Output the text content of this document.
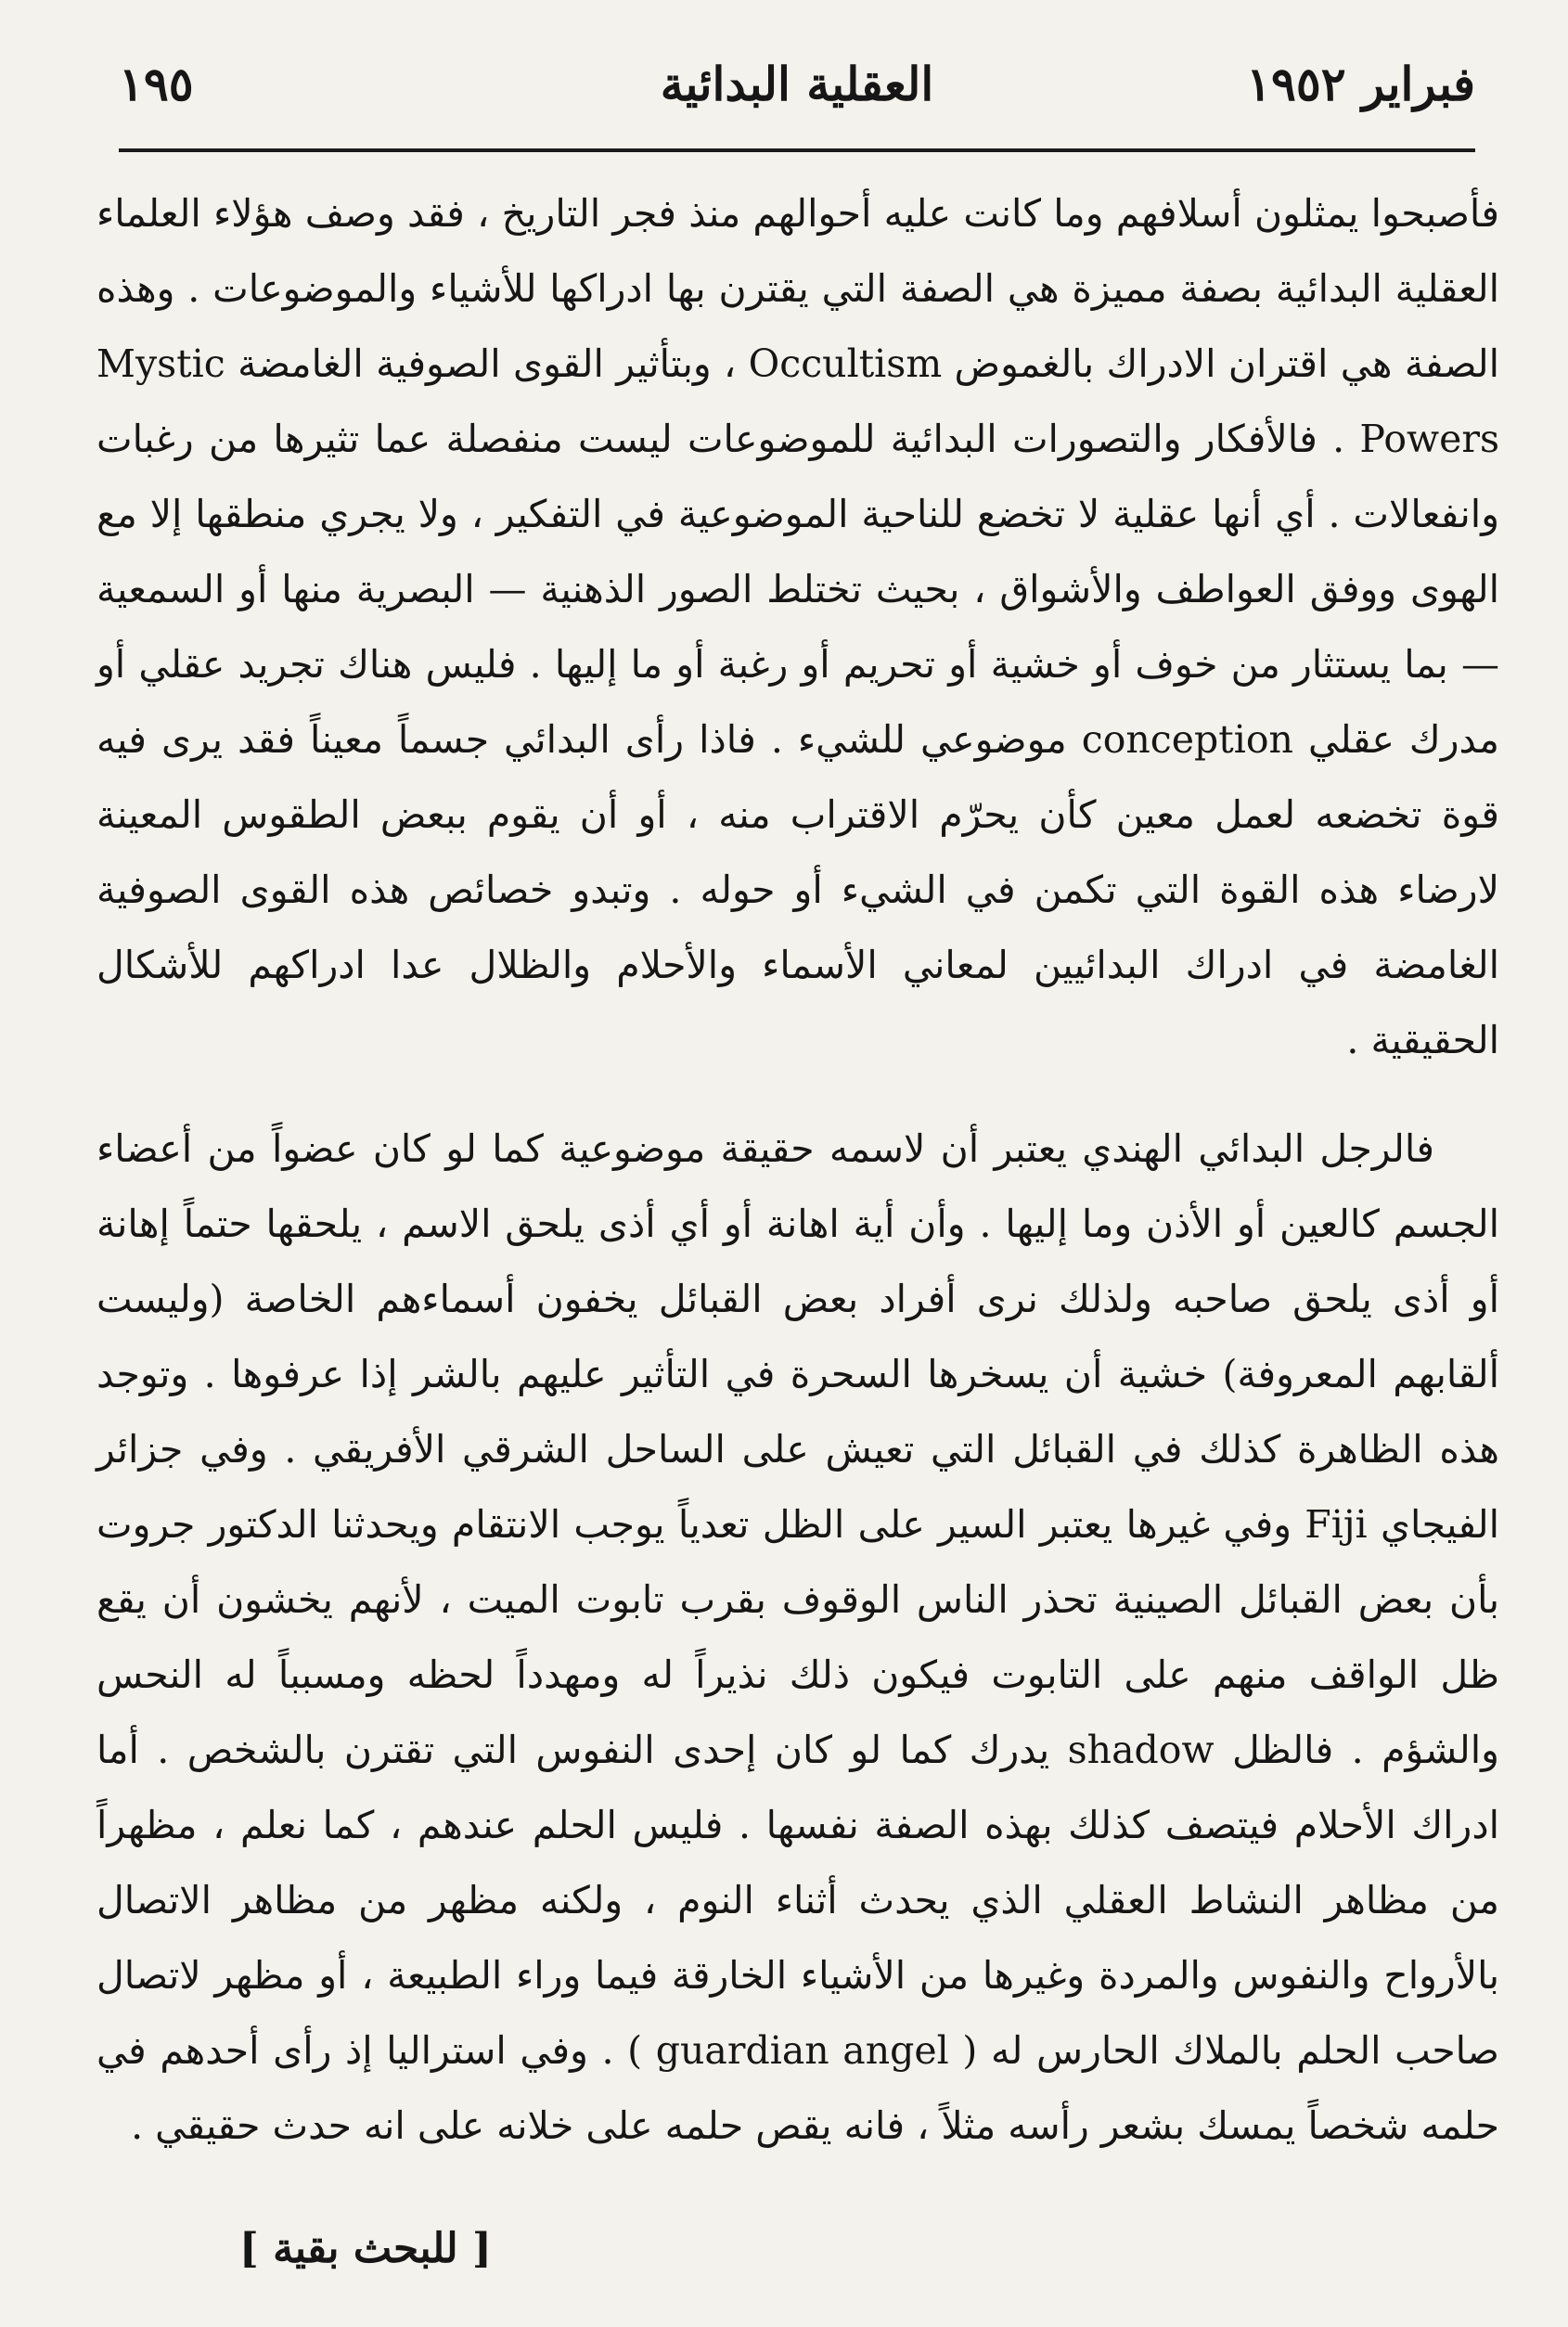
١٩٥	العقلية البدائية	فبراير ١٩٥٢

فأصبحوا يمثلون أسلافهم وما كانت عليه أحوالهم منذ فجر التاريخ ، فقد وصف هؤلاء العلماء العقلية البدائية بصفة مميزة هي الصفة التي يقترن بها ادراكها للأشياء والموضوعات . وهذه الصفة هي اقتران الادراك بالغموض Occultism ، وبتأثير القوى الصوفية الغامضة Mystic Powers . فالأفكار والتصورات البدائية للموضوعات ليست منفصلة عما تثيرها من رغبات وانفعالات . أي أنها عقلية لا تخضع للناحية الموضوعية في التفكير ، ولا يجري منطقها إلا مع الهوى ووفق العواطف والأشواق ، بحيث تختلط الصور الذهنية — البصرية منها أو السمعية — بما يستثار من خوف أو خشية أو تحريم أو رغبة أو ما إليها . فليس هناك تجريد عقلي أو مدرك عقلي conception موضوعي للشيء . فاذا رأى البدائي جسماً معيناً فقد يرى فيه قوة تخضعه لعمل معين كأن يحرّم الاقتراب منه ، أو أن يقوم ببعض الطقوس المعينة لارضاء هذه القوة التي تكمن في الشيء أو حوله . وتبدو خصائص هذه القوى الصوفية الغامضة في ادراك البدائيين لمعاني الأسماء والأحلام والظلال عدا ادراكهم للأشكال الحقيقية .

فالرجل البدائي الهندي يعتبر أن لاسمه حقيقة موضوعية كما لو كان عضواً من أعضاء الجسم كالعين أو الأذن وما إليها . وأن أية اهانة أو أي أذى يلحق الاسم ، يلحقها حتماً إهانة أو أذى يلحق صاحبه ولذلك نرى أفراد بعض القبائل يخفون أسماءهم الخاصة (وليست ألقابهم المعروفة) خشية أن يسخرها السحرة في التأثير عليهم بالشر إذا عرفوها . وتوجد هذه الظاهرة كذلك في القبائل التي تعيش على الساحل الشرقي الأفريقي . وفي جزائر الفيجاي Fiji وفي غيرها يعتبر السير على الظل تعدياً يوجب الانتقام ويحدثنا الدكتور جروت بأن بعض القبائل الصينية تحذر الناس الوقوف بقرب تابوت الميت ، لأنهم يخشون أن يقع ظل الواقف منهم على التابوت فيكون ذلك نذيراً له ومهدداً لحظه ومسبباً له النحس والشؤم . فالظل shadow يدرك كما لو كان إحدى النفوس التي تقترن بالشخص . أما ادراك الأحلام فيتصف كذلك بهذه الصفة نفسها . فليس الحلم عندهم ، كما نعلم ، مظهراً من مظاهر النشاط العقلي الذي يحدث أثناء النوم ، ولكنه مظهر من مظاهر الاتصال بالأرواح والنفوس والمردة وغيرها من الأشياء الخارقة فيما وراء الطبيعة ، أو مظهر لاتصال صاحب الحلم بالملاك الحارس له ( guardian angel ) . وفي استراليا إذ رأى أحدهم في حلمه شخصاً يمسك بشعر رأسه مثلاً ، فانه يقص حلمه على خلانه على انه حدث حقيقي .

[ للبحث بقية ]
